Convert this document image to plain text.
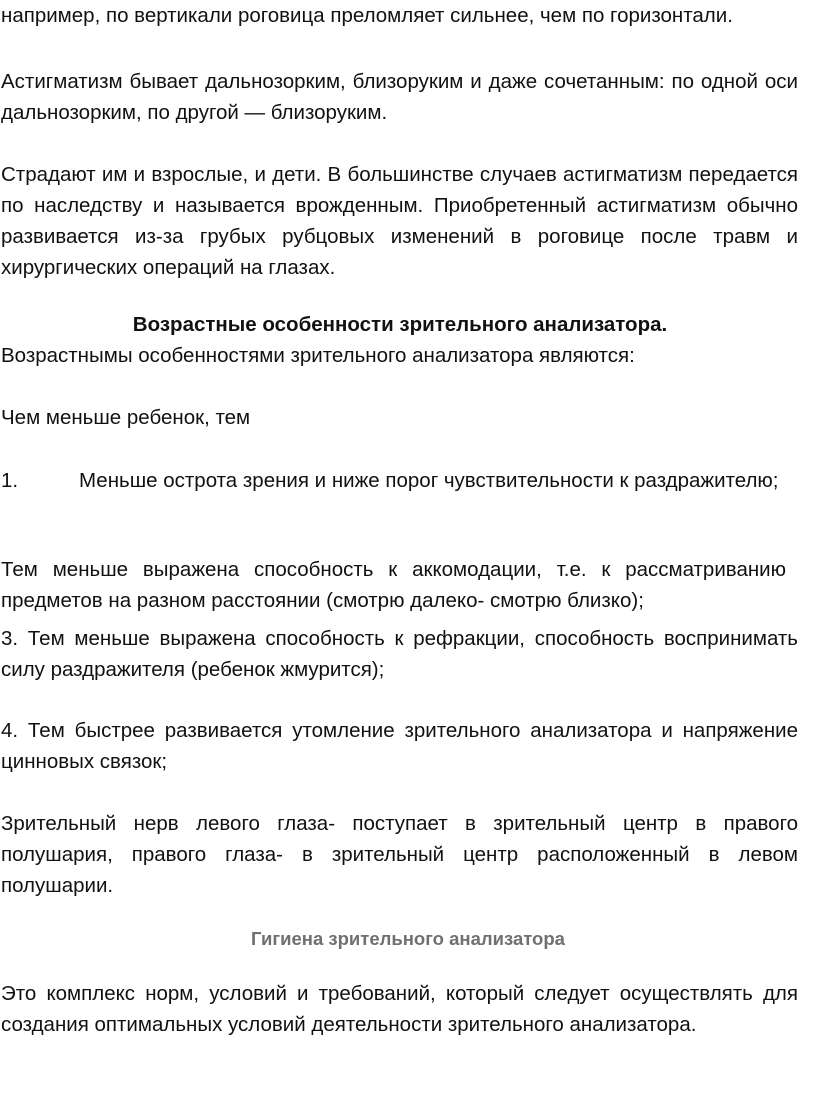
например, по вертикали роговица преломляет сильнее, чем по горизонтали.

Астигматизм бывает дальнозорким, близоруким и даже сочетанным: по одной оси дальнозорким, по другой — близоруким.

Страдают им и взрослые, и дети. В большинстве случаев астигматизм передается по наследству и называется врожденным. Приобретенный астигматизм обычно развивается из-за грубых рубцовых изменений в роговице после травм и хирургических операций на глазах.

Возрастные особенности зрительного анализатора.

Возрастнымы особенностями зрительного анализатора являются:

Чем меньше ребенок, тем

1.	Меньше острота зрения и ниже порог чувствительности к раздражителю;

Тем меньше выражена способность к аккомодации, т.е. к рассматриванию предметов на разном расстоянии (смотрю далеко- смотрю близко);

3. Тем меньше выражена способность к рефракции, способность воспринимать силу раздражителя (ребенок жмурится);

4. Тем быстрее развивается утомление зрительного анализатора и напряжение цинновых связок;

Зрительный нерв левого глаза- поступает в зрительный центр в правого полушария, правого глаза- в зрительный центр расположенный в левом полушарии.

Гигиена зрительного анализатора

Это комплекс норм, условий и требований, который следует осуществлять для создания оптимальных условий деятельности зрительного анализатора.
